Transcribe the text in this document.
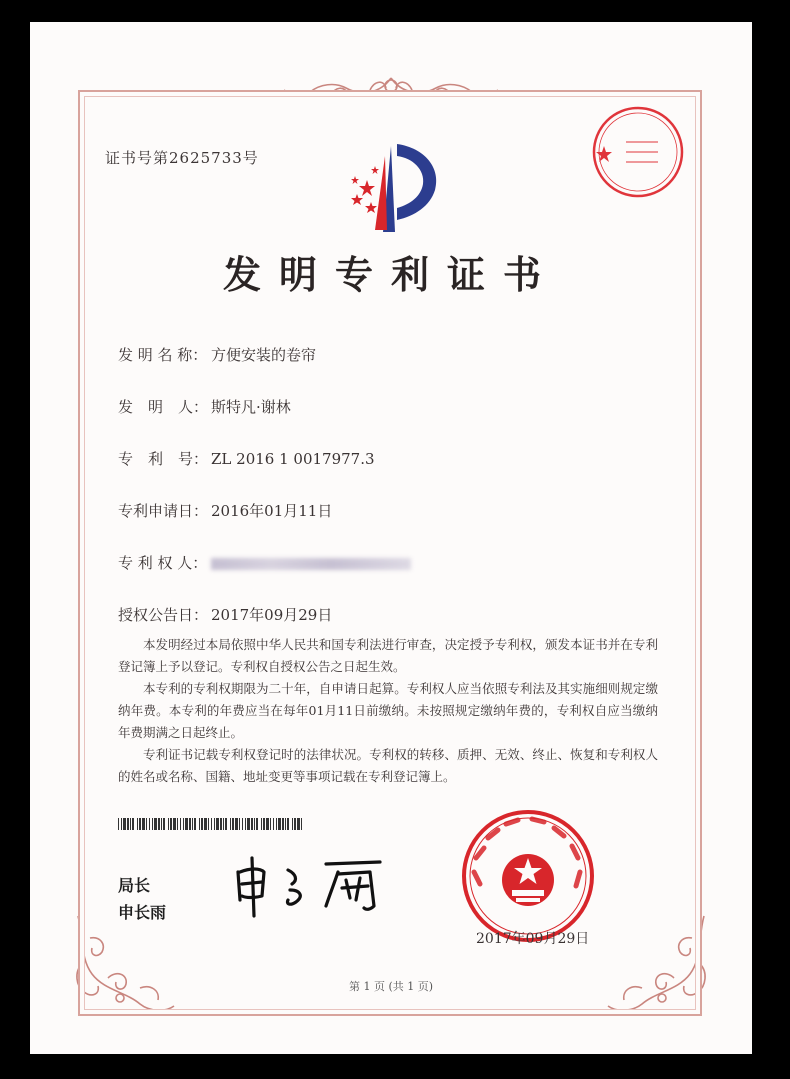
证书号第2625733号
发明专利证书
发 明 名 称： 方便安装的卷帘
发　明　人： 斯特凡·谢林
专　利　号： ZL 2016 1 0017977.3
专利申请日： 2016年01月11日
专 利 权 人：
授权公告日： 2017年09月29日

本发明经过本局依照中华人民共和国专利法进行审查，决定授予专利权，颁发本证书并在专利登记簿上予以登记。专利权自授权公告之日起生效。

本专利的专利权期限为二十年，自申请日起算。专利权人应当依照专利法及其实施细则规定缴纳年费。本专利的年费应当在每年01月11日前缴纳。未按照规定缴纳年费的，专利权自应当缴纳年费期满之日起终止。

专利证书记载专利权登记时的法律状况。专利权的转移、质押、无效、终止、恢复和专利权人的姓名或名称、国籍、地址变更等事项记载在专利登记簿上。

局长
申长雨
2017年09月29日
第 1 页 (共 1 页)
